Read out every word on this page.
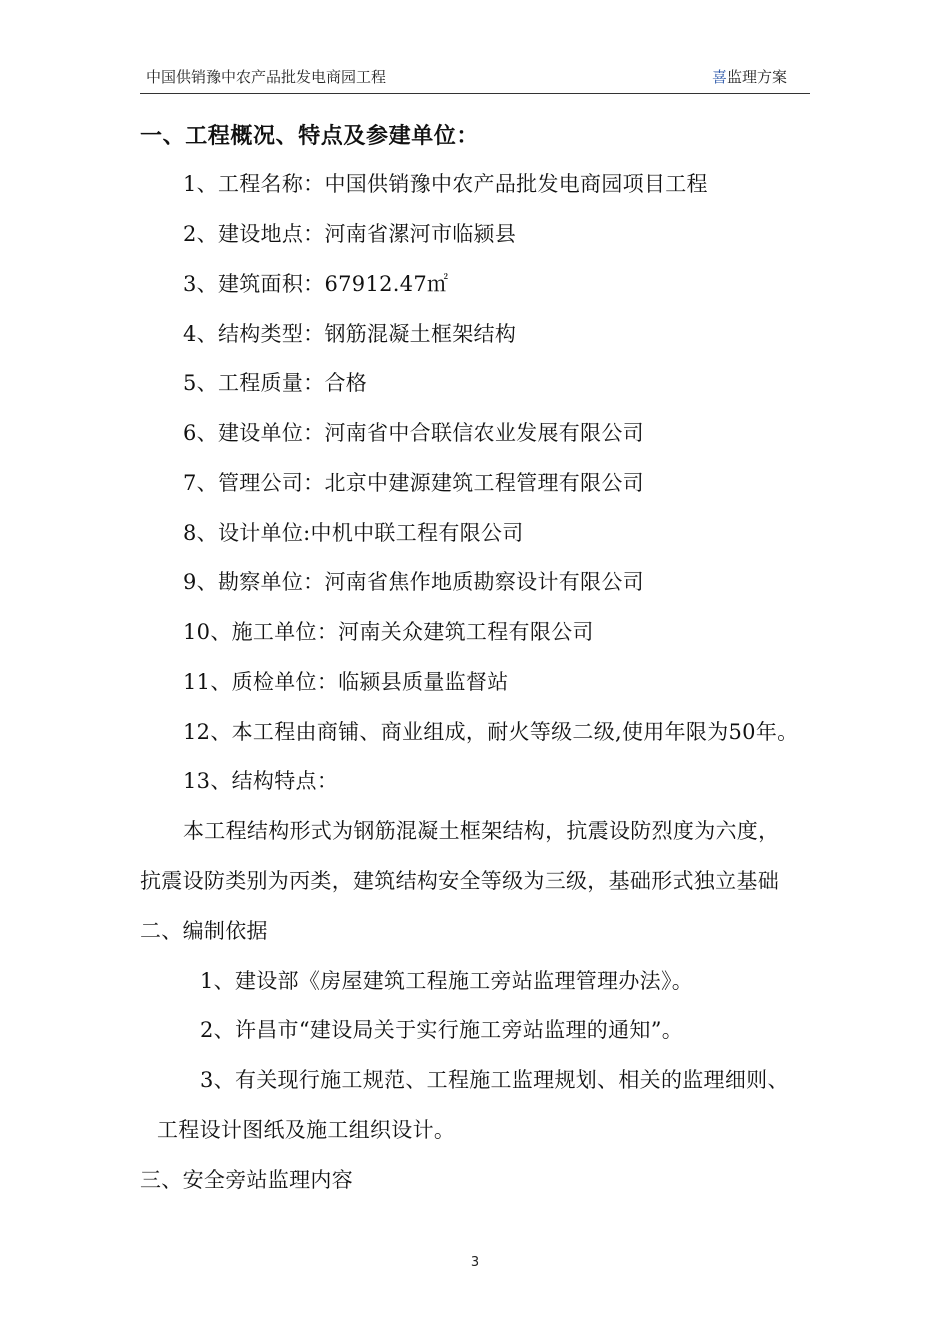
中国供销豫中农产品批发电商园工程	喜监理方案
一、工程概况、特点及参建单位：
1、工程名称：中国供销豫中农产品批发电商园项目工程
2、建设地点：河南省漯河市临颍县
3、建筑面积：67912.47㎡
4、结构类型：钢筋混凝土框架结构
5、工程质量：合格
6、建设单位：河南省中合联信农业发展有限公司
7、管理公司：北京中建源建筑工程管理有限公司
8、设计单位:中机中联工程有限公司
9、勘察单位：河南省焦作地质勘察设计有限公司
10、施工单位：河南关众建筑工程有限公司
11、质检单位：临颍县质量监督站
12、本工程由商铺、商业组成，耐火等级二级,使用年限为50年。
13、结构特点：
本工程结构形式为钢筋混凝土框架结构，抗震设防烈度为六度，
抗震设防类别为丙类，建筑结构安全等级为三级，基础形式独立基础
二、编制依据
1、建设部《房屋建筑工程施工旁站监理管理办法》。
2、许昌市“建设局关于实行施工旁站监理的通知”。
3、有关现行施工规范、工程施工监理规划、相关的监理细则、
工程设计图纸及施工组织设计。
三、安全旁站监理内容
3
